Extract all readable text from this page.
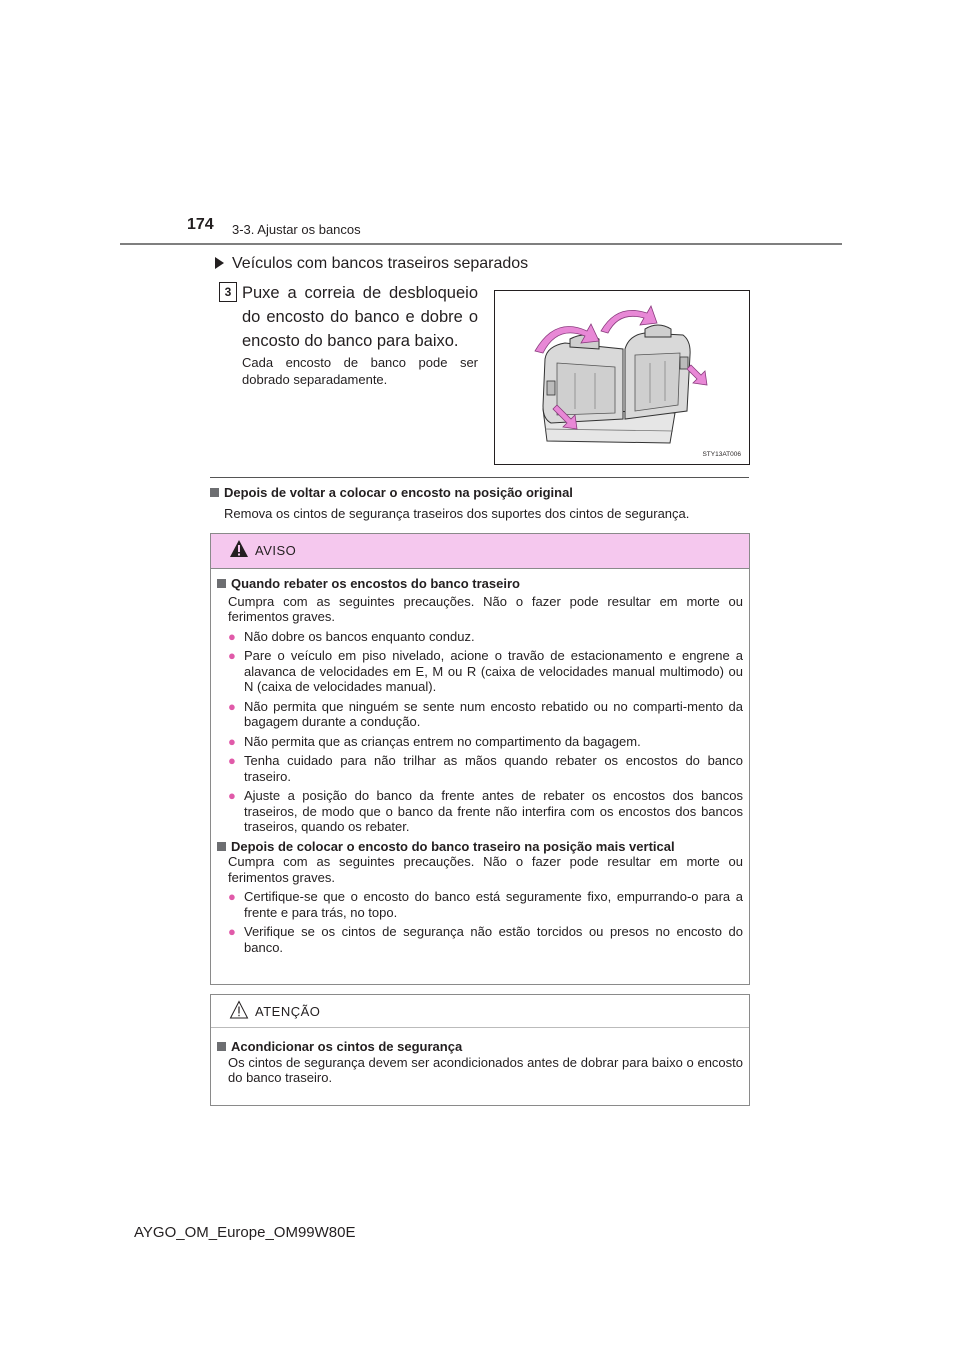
174 3-3. Ajustar os bancos
Veículos com bancos traseiros separados
3 Puxe a correia de desbloqueio do encosto do banco e dobre o encosto do banco para baixo.
Cada encosto de banco pode ser dobrado separadamente.
STY13AT006
Depois de voltar a colocar o encosto na posição original
Remova os cintos de segurança traseiros dos suportes dos cintos de segurança.
AVISO
Quando rebater os encostos do banco traseiro
Cumpra com as seguintes precauções. Não o fazer pode resultar em morte ou ferimentos graves.
● Não dobre os bancos enquanto conduz.
● Pare o veículo em piso nivelado, acione o travão de estacionamento e engrene a alavanca de velocidades em E, M ou R (caixa de velocidades manual multimodo) ou N (caixa de velocidades manual).
● Não permita que ninguém se sente num encosto rebatido ou no comparti-mento da bagagem durante a condução.
● Não permita que as crianças entrem no compartimento da bagagem.
● Tenha cuidado para não trilhar as mãos quando rebater os encostos do banco traseiro.
● Ajuste a posição do banco da frente antes de rebater os encostos dos bancos traseiros, de modo que o banco da frente não interfira com os encostos dos bancos traseiros, quando os rebater.
Depois de colocar o encosto do banco traseiro na posição mais vertical
Cumpra com as seguintes precauções. Não o fazer pode resultar em morte ou ferimentos graves.
● Certifique-se que o encosto do banco está seguramente fixo, empurrando-o para a frente e para trás, no topo.
● Verifique se os cintos de segurança não estão torcidos ou presos no encosto do banco.
ATENÇÃO
Acondicionar os cintos de segurança
Os cintos de segurança devem ser acondicionados antes de dobrar para baixo o encosto do banco traseiro.
AYGO_OM_Europe_OM99W80E
